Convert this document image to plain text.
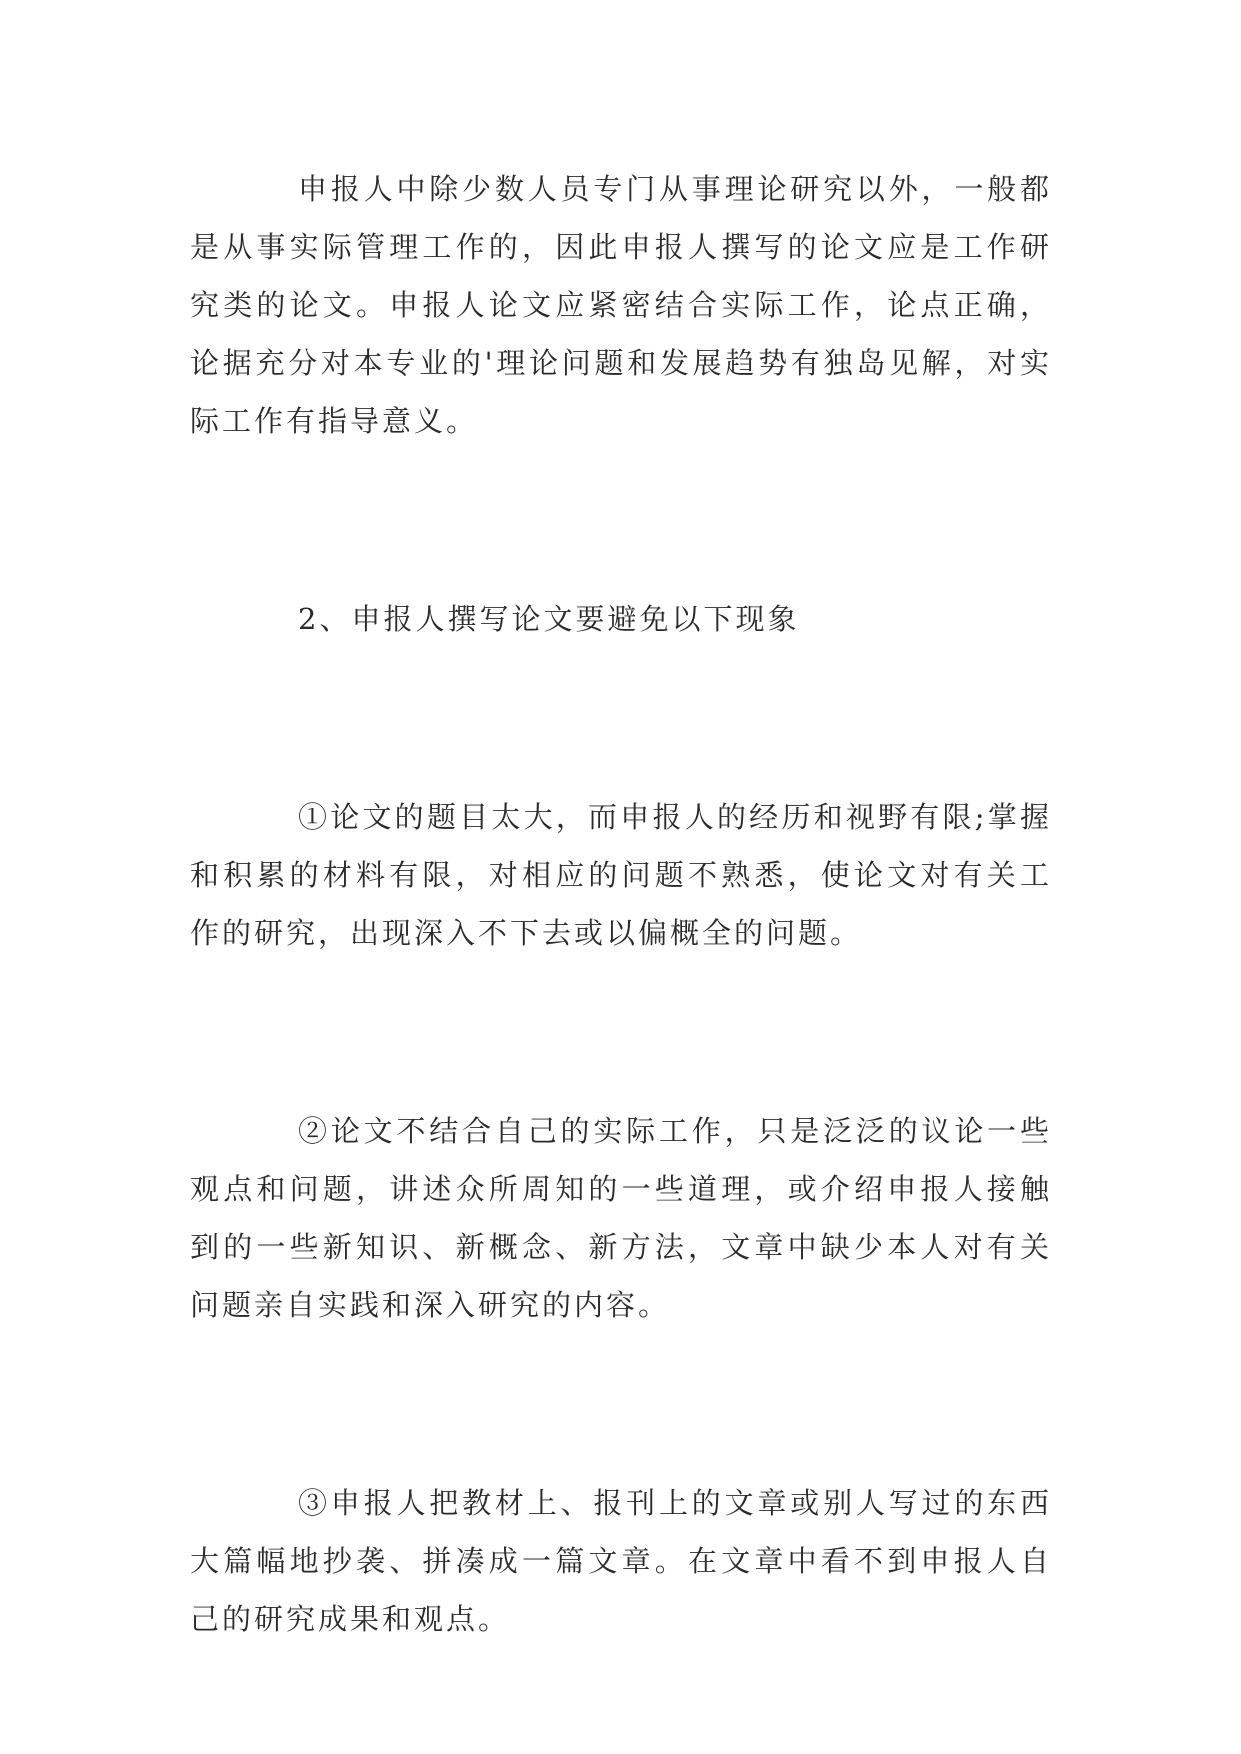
申报人中除少数人员专门从事理论研究以外，一般都是从事实际管理工作的，因此申报人撰写的论文应是工作研究类的论文。申报人论文应紧密结合实际工作，论点正确，论据充分对本专业的'理论问题和发展趋势有独岛见解，对实际工作有指导意义。

2、申报人撰写论文要避免以下现象

①论文的题目太大，而申报人的经历和视野有限;掌握和积累的材料有限，对相应的问题不熟悉，使论文对有关工作的研究，出现深入不下去或以偏概全的问题。

②论文不结合自己的实际工作，只是泛泛的议论一些观点和问题，讲述众所周知的一些道理，或介绍申报人接触到的一些新知识、新概念、新方法，文章中缺少本人对有关问题亲自实践和深入研究的内容。

③申报人把教材上、报刊上的文章或别人写过的东西大篇幅地抄袭、拼凑成一篇文章。在文章中看不到申报人自己的研究成果和观点。
